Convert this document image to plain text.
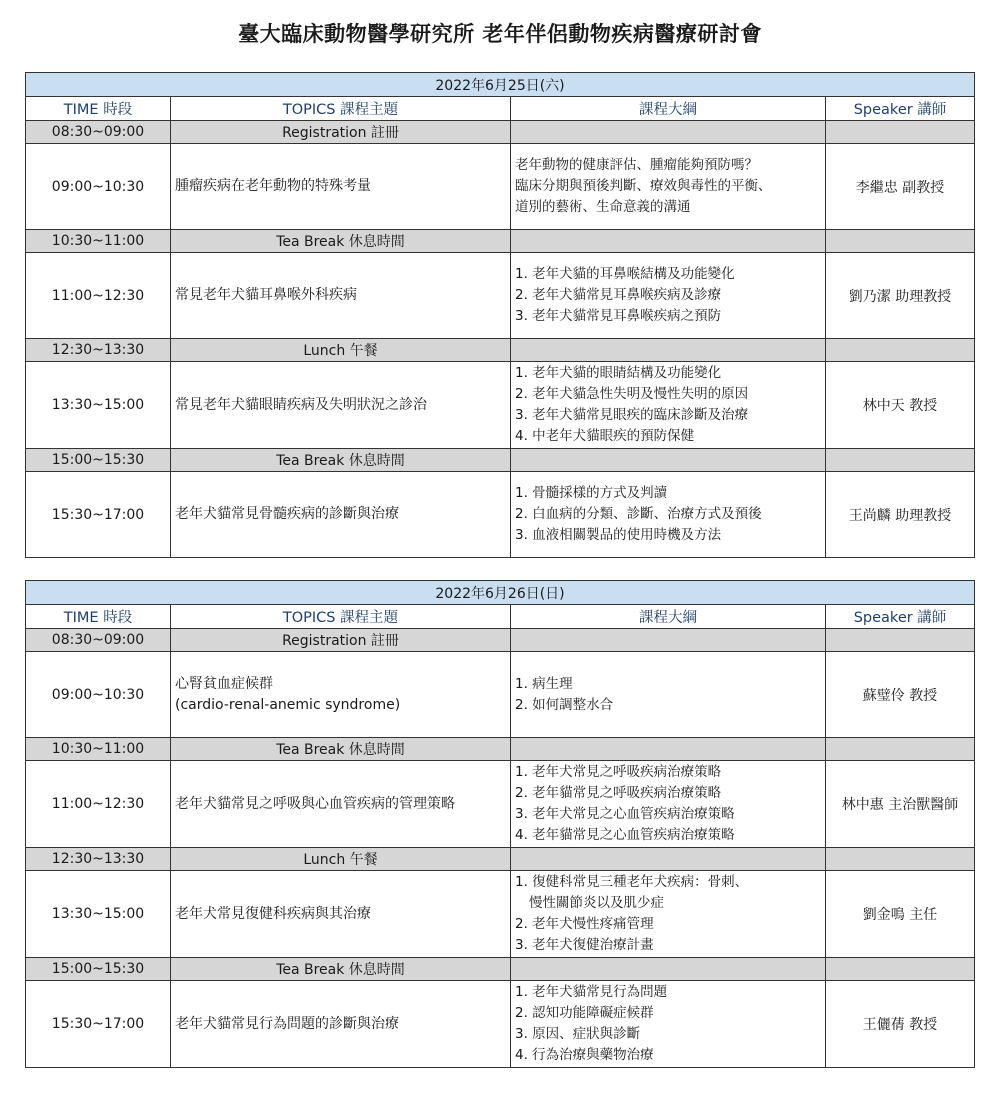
臺大臨床動物醫學研究所 老年伴侶動物疾病醫療研討會
2022年6月25日(六)			
TIME 時段	TOPICS 課程主題	課程大綱	Speaker 講師
08:30~09:00	Registration 註冊		
09:00~10:30	腫瘤疾病在老年動物的特殊考量	老年動物的健康評估、腫瘤能夠預防嗎？
臨床分期與預後判斷、療效與毒性的平衡、
道別的藝術、生命意義的溝通	李繼忠 副教授
10:30~11:00	Tea Break 休息時間		
11:00~12:30	常見老年犬貓耳鼻喉外科疾病	1. 老年犬貓的耳鼻喉結構及功能變化
2. 老年犬貓常見耳鼻喉疾病及診療
3. 老年犬貓常見耳鼻喉疾病之預防	劉乃潔 助理教授
12:30~13:30	Lunch 午餐		
13:30~15:00	常見老年犬貓眼睛疾病及失明狀況之診治	1. 老年犬貓的眼睛結構及功能變化
2. 老年犬貓急性失明及慢性失明的原因
3. 老年犬貓常見眼疾的臨床診斷及治療
4. 中老年犬貓眼疾的預防保健	林中天 教授
15:00~15:30	Tea Break 休息時間		
15:30~17:00	老年犬貓常見骨髓疾病的診斷與治療	1. 骨髓採樣的方式及判讀
2. 白血病的分類、診斷、治療方式及預後
3. 血液相關製品的使用時機及方法	王尚麟 助理教授
2022年6月26日(日)			
TIME 時段	TOPICS 課程主題	課程大綱	Speaker 講師
08:30~09:00	Registration 註冊		
09:00~10:30	心腎貧血症候群
(cardio-renal-anemic syndrome)	1. 病生理
2. 如何調整水合	蘇璧伶 教授
10:30~11:00	Tea Break 休息時間		
11:00~12:30	老年犬貓常見之呼吸與心血管疾病的管理策略	1. 老年犬常見之呼吸疾病治療策略
2. 老年貓常見之呼吸疾病治療策略
3. 老年犬常見之心血管疾病治療策略
4. 老年貓常見之心血管疾病治療策略	林中惠 主治獸醫師
12:30~13:30	Lunch 午餐		
13:30~15:00	老年犬常見復健科疾病與其治療	1. 復健科常見三種老年犬疾病：骨刺、
慢性關節炎以及肌少症
2. 老年犬慢性疼痛管理
3. 老年犬復健治療計畫	劉金鳴 主任
15:00~15:30	Tea Break 休息時間		
15:30~17:00	老年犬貓常見行為問題的診斷與治療	1. 老年犬貓常見行為問題
2. 認知功能障礙症候群
3. 原因、症狀與診斷
4. 行為治療與藥物治療	王儷蒨 教授
